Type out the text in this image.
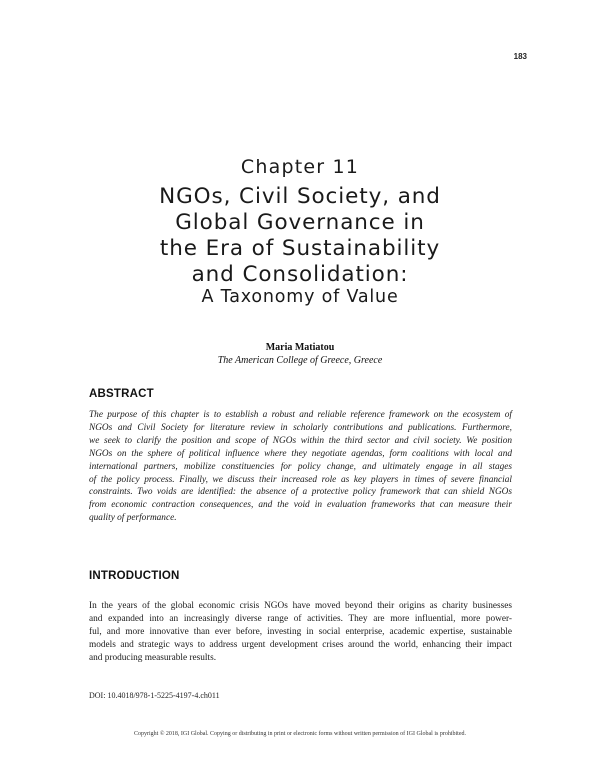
183
Chapter 11
NGOs, Civil Society, and
Global Governance in
the Era of Sustainability
and Consolidation:
A Taxonomy of Value
Maria Matiatou
The American College of Greece, Greece
ABSTRACT
The purpose of this chapter is to establish a robust and reliable reference framework on the ecosystem of
NGOs and Civil Society for literature review in scholarly contributions and publications. Furthermore,
we seek to clarify the position and scope of NGOs within the third sector and civil society. We position
NGOs on the sphere of political influence where they negotiate agendas, form coalitions with local and
international partners, mobilize constituencies for policy change, and ultimately engage in all stages
of the policy process. Finally, we discuss their increased role as key players in times of severe financial
constraints. Two voids are identified: the absence of a protective policy framework that can shield NGOs
from economic contraction consequences, and the void in evaluation frameworks that can measure their
quality of performance.
INTRODUCTION
In the years of the global economic crisis NGOs have moved beyond their origins as charity businesses
and expanded into an increasingly diverse range of activities. They are more influential, more power-
ful, and more innovative than ever before, investing in social enterprise, academic expertise, sustainable
models and strategic ways to address urgent development crises around the world, enhancing their impact
and producing measurable results.
DOI: 10.4018/978-1-5225-4197-4.ch011
Copyright © 2018, IGI Global. Copying or distributing in print or electronic forms without written permission of IGI Global is prohibited.
